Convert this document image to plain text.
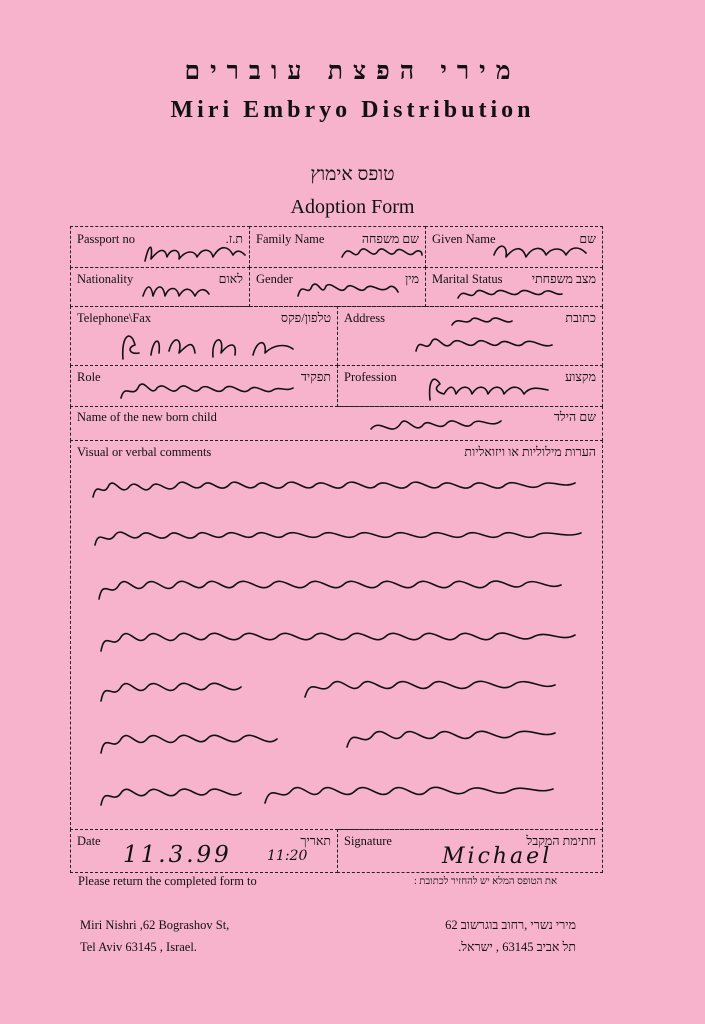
מירי הפצת עוברים
Miri Embryo Distribution
טופס אימוץ
Adoption Form
Passport no	ת.ז. Family Name	שם משפחה Given Name	שם
Nationality	לאום Gender	מין Marital Status מצב משפחתי
Telephone\Fax	טלפון/פקס Address	כתובת
Role	תפקיד Profession	מקצוע
Name of the new born child	שם הילד
Visual or verbal comments	הערות מילוליות או ויזואליות
Date	תאריך
11.3.99	11:20
Signature	חתימת המקבל
Michael
Please return the completed form to	את הטופס המלא יש להחזיר לכתובת :
Miri Nishri ,62 Bograshov St,
Tel Aviv 63145 , Israel.
מירי נשרי ,רחוב בוגרשוב 62
תל אביב 63145 , ישראל.
